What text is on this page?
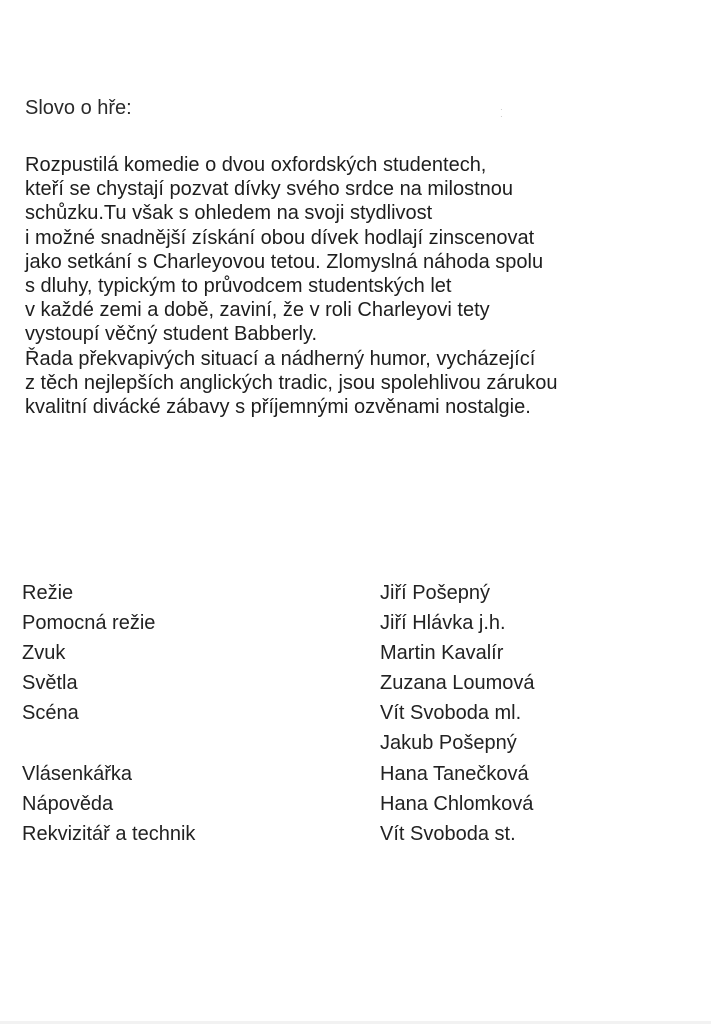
Slovo o hře:	·
·
Rozpustilá komedie o dvou oxfordských studentech,
kteří se chystají pozvat dívky svého srdce na milostnou
schůzku.Tu však s ohledem na svoji stydlivost
i možné snadnější získání obou dívek hodlají zinscenovat
jako setkání s Charleyovou tetou. Zlomyslná náhoda spolu
s dluhy, typickým to průvodcem studentských let
v každé zemi a době, zaviní, že v roli Charleyovi tety
vystoupí věčný student Babberly.
Řada překvapivých situací a nádherný humor, vycházející
z těch nejlepších anglických tradic, jsou spolehlivou zárukou
kvalitní divácké zábavy s příjemnými ozvěnami nostalgie.
Režie
Pomocná režie
Zvuk
Světla
Scéna
Vlásenkářka
Nápověda
Rekvizitář a technik
Jiří Pošepný
Jiří Hlávka j.h.
Martin Kavalír
Zuzana Loumová
Vít Svoboda ml.
Jakub Pošepný
Hana Tanečková
Hana Chlomková
Vít Svoboda st.
